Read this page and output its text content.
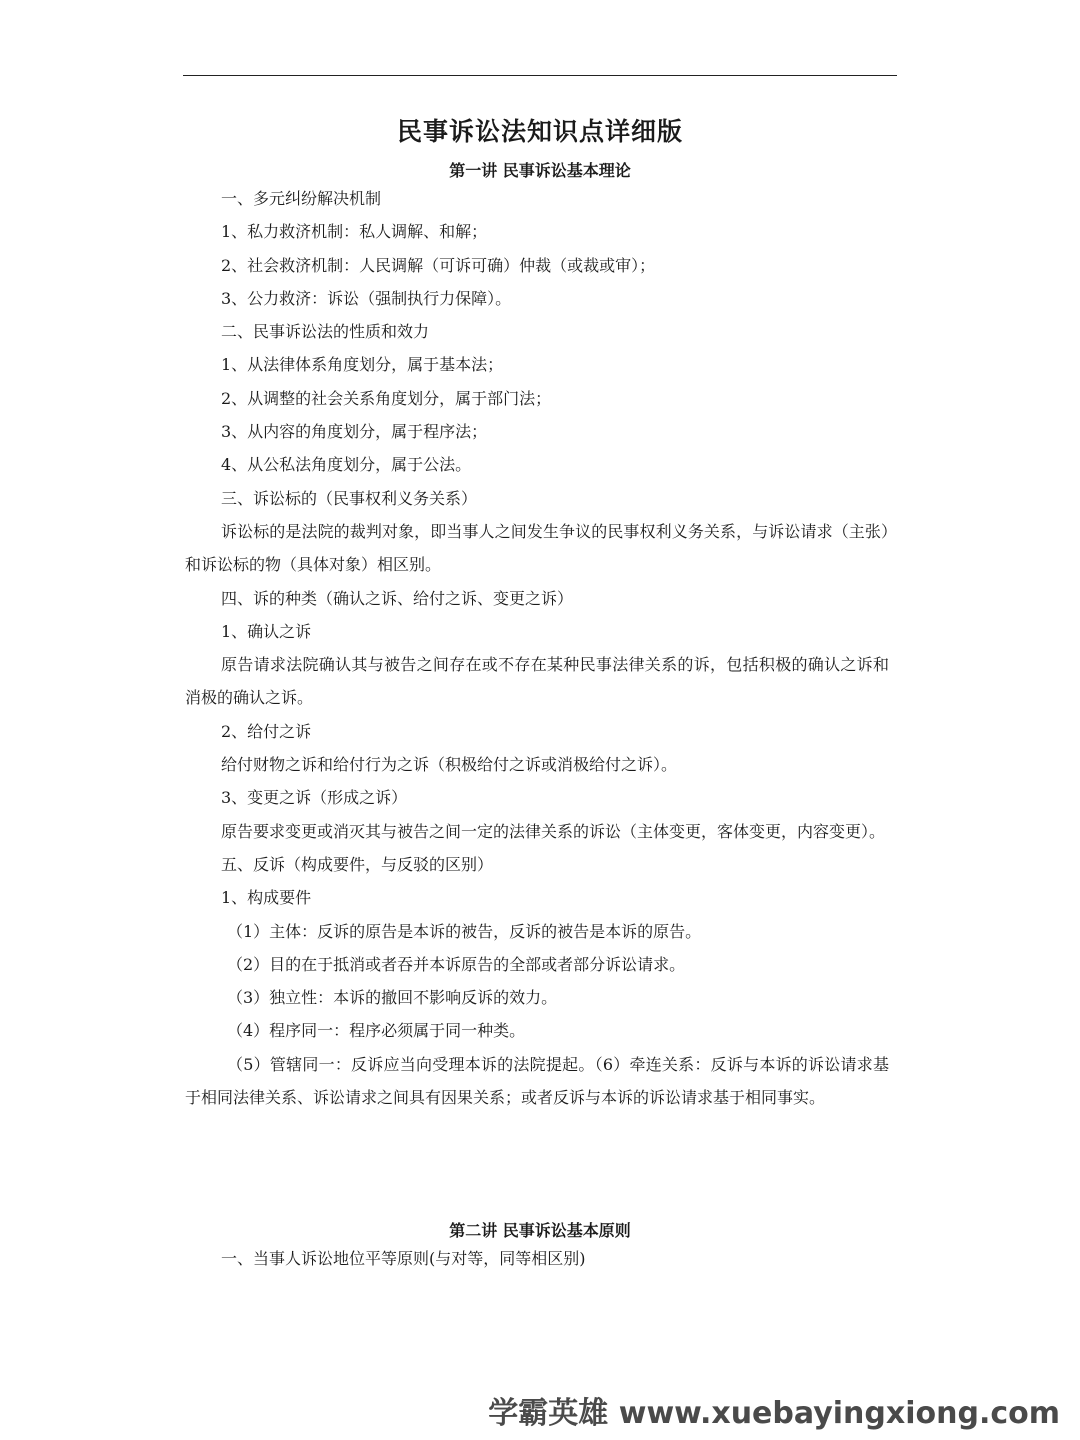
民事诉讼法知识点详细版
第一讲 民事诉讼基本理论

一、多元纠纷解决机制

1、私力救济机制：私人调解、和解；

2、社会救济机制：人民调解（可诉可确）仲裁（或裁或审）；

3、公力救济：诉讼（强制执行力保障）。

二、民事诉讼法的性质和效力

1、从法律体系角度划分，属于基本法；

2、从调整的社会关系角度划分，属于部门法；

3、从内容的角度划分，属于程序法；

4、从公私法角度划分，属于公法。

三、诉讼标的（民事权利义务关系）

诉讼标的是法院的裁判对象，即当事人之间发生争议的民事权利义务关系，与诉讼请求（主张）和诉讼标的物（具体对象）相区别。

四、诉的种类（确认之诉、给付之诉、变更之诉）

1、确认之诉

原告请求法院确认其与被告之间存在或不存在某种民事法律关系的诉，包括积极的确认之诉和消极的确认之诉。

2、给付之诉

给付财物之诉和给付行为之诉（积极给付之诉或消极给付之诉）。

3、变更之诉（形成之诉）

原告要求变更或消灭其与被告之间一定的法律关系的诉讼（主体变更，客体变更，内容变更）。

五、反诉（构成要件，与反驳的区别）

1、构成要件

（1）主体：反诉的原告是本诉的被告，反诉的被告是本诉的原告。

（2）目的在于抵消或者吞并本诉原告的全部或者部分诉讼请求。

（3）独立性：本诉的撤回不影响反诉的效力。

（4）程序同一：程序必须属于同一种类。

（5）管辖同一：反诉应当向受理本诉的法院提起。（6）牵连关系：反诉与本诉的诉讼请求基于相同法律关系、诉讼请求之间具有因果关系；或者反诉与本诉的诉讼请求基于相同事实。

第二讲 民事诉讼基本原则

一、当事人诉讼地位平等原则(与对等，同等相区别)

学霸英雄 www.xuebayingxiong.com
